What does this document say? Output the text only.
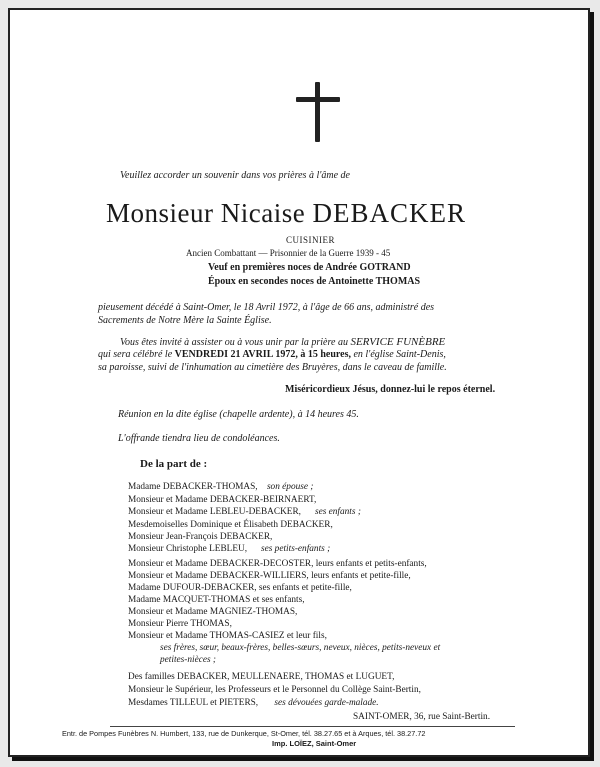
Veuillez accorder un souvenir dans vos prières à l'âme de
Monsieur Nicaise DEBACKER
CUISINIER
Ancien Combattant — Prisonnier de la Guerre 1939 - 45
Veuf en premières noces de Andrée GOTRAND
Époux en secondes noces de Antoinette THOMAS
pieusement décédé à Saint-Omer, le 18 Avril 1972, à l'âge de 66 ans, administré des
Sacrements de Notre Mère la Sainte Église.
Vous êtes invité à assister ou à vous unir par la prière au SERVICE FUNÈBRE
qui sera célébré le VENDREDI 21 AVRIL 1972, à 15 heures, en l'église Saint-Denis,
sa paroisse, suivi de l'inhumation au cimetière des Bruyères, dans le caveau de famille.
Miséricordieux Jésus, donnez-lui le repos éternel.
Réunion en la dite église (chapelle ardente), à 14 heures 45.
L'offrande tiendra lieu de condoléances.
De la part de :
Madame DEBACKER-THOMAS, son épouse ;
Monsieur et Madame DEBACKER-BEIRNAERT,
Monsieur et Madame LEBLEU-DEBACKER, ses enfants ;
Mesdemoiselles Dominique et Élisabeth DEBACKER,
Monsieur Jean-François DEBACKER,
Monsieur Christophe LEBLEU, ses petits-enfants ;
Monsieur et Madame DEBACKER-DECOSTER, leurs enfants et petits-enfants,
Monsieur et Madame DEBACKER-WILLIERS, leurs enfants et petite-fille,
Madame DUFOUR-DEBACKER, ses enfants et petite-fille,
Madame MACQUET-THOMAS et ses enfants,
Monsieur et Madame MAGNIEZ-THOMAS,
Monsieur Pierre THOMAS,
Monsieur et Madame THOMAS-CASIEZ et leur fils,
ses frères, sœur, beaux-frères, belles-sœurs, neveux, nièces, petits-neveux et
petites-nièces ;
Des familles DEBACKER, MEULLENAERE, THOMAS et LUGUET,
Monsieur le Supérieur, les Professeurs et le Personnel du Collège Saint-Bertin,
Mesdames TILLEUL et PIETERS, ses dévouées garde-malade.
SAINT-OMER, 36, rue Saint-Bertin.
Entr. de Pompes Funèbres N. Humbert, 133, rue de Dunkerque, St-Omer, tél. 38.27.65 et à Arques, tél. 38.27.72
Imp. LOÏEZ, Saint-Omer
